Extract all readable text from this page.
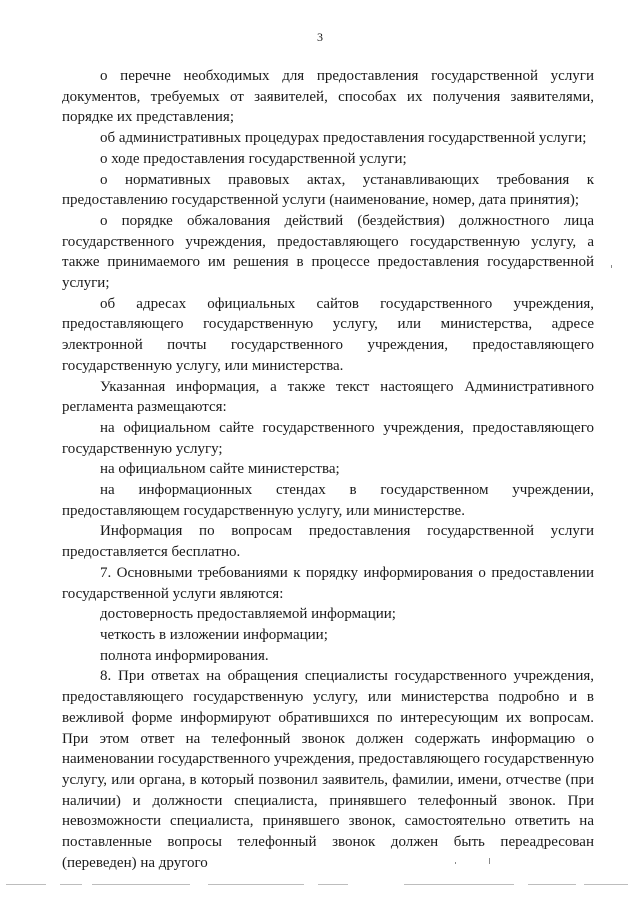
3

о перечне необходимых для предоставления государственной услуги документов, требуемых от заявителей, способах их получения заявителями, порядке их представления;

об административных процедурах предоставления государственной услуги;

о ходе предоставления государственной услуги;

о нормативных правовых актах, устанавливающих требования к предоставлению государственной услуги (наименование, номер, дата принятия);

о порядке обжалования действий (бездействия) должностного лица государственного учреждения, предоставляющего государственную услугу, а также принимаемого им решения в процессе предоставления государственной услуги;

об адресах официальных сайтов государственного учреждения, предоставляющего государственную услугу, или министерства, адресе электронной почты государственного учреждения, предоставляющего государственную услугу, или министерства.

Указанная информация, а также текст настоящего Административного регламента размещаются:

на официальном сайте государственного учреждения, предоставляющего государственную услугу;

на официальном сайте министерства;

на информационных стендах в государственном учреждении, предоставляющем государственную услугу, или министерстве.

Информация по вопросам предоставления государственной услуги предоставляется бесплатно.

7. Основными требованиями к порядку информирования о предоставлении государственной услуги являются:

достоверность предоставляемой информации;

четкость в изложении информации;

полнота информирования.

8. При ответах на обращения специалисты государственного учреждения, предоставляющего государственную услугу, или министерства подробно и в вежливой форме информируют обратившихся по интересующим их вопросам. При этом ответ на телефонный звонок должен содержать информацию о наименовании государственного учреждения, предоставляющего государственную услугу, или органа, в который позвонил заявитель, фамилии, имени, отчестве (при наличии) и должности специалиста, принявшего телефонный звонок. При невозможности специалиста, принявшего звонок, самостоятельно ответить на поставленные вопросы телефонный звонок должен быть переадресован (переведен) на другого
